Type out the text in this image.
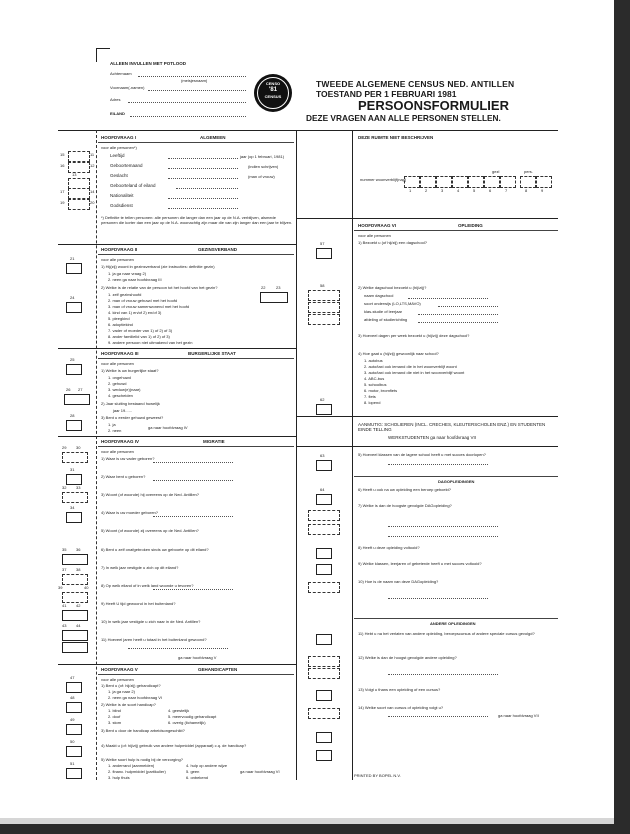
ALLEEN INVULLEN MET POTLOOD
Achternaam
(meisjesnaam)
Voornaam(-namen)
Adres
EILAND
CENSO
'81
CENSUS
TWEEDE ALGEMENE CENSUS NED. ANTILLEN
TOESTAND PER 1 FEBRUARI 1981
PERSOONSFORMULIER
DEZE VRAGEN AAN ALLE PERSONEN STELLEN.
HOOFDVRAAG I	ALGEMEEN
voor alle personen*)
Leeftijd	jaar (op 1 februari, 1981)
Geboortemaand	(indien schrijven)
Geslacht	(man of vrouw)
Geboorteland of eiland
Nationaliteit
Godsdienst
15	11
16	12
13
17	14
19	20
*) Definitie te tellen personen: alle personen die langer dan een jaar op de N.A. verblijven, alsmede personen die korter dan een jaar op de N.A. woonachtig zijn maar die van zijn langer dan een jaar te blijven.
HOOFDVRAAG II	GEZINSVERBAND
voor alle personen
1) Hij(zij) woont in gezinsverband (zie instructies: definitie gezin)
1. ja ga naar vraag 2)
2. neen ga naar hoofdvraag III
2) Welke is de relatie van de persoon tot het hoofd van het gezin?
1. zelf gezinshoofd
2. man of vrouw gehuwd met het hoofd
3. man of vrouw samenwonend met het hoofd
4. kind van 1) en/of 2) en/of 3)
5. pleegkind
6. adoptiekind
7. vader of moeder van 1) of 2) of 3)
8. ander familielid van 1) of 2) of 3)
9. andere persoon niet uitmakend van het gezin
21
22	23
24
HOOFDVRAAG III	BURGERLIJKE STAAT
voor alle personen
1) Welke is uw burgerlijke staat?
1. ongehuwd
2. gehuwd
3. weduw(e)(naar)
4. gescheiden
2) Jaar sluiting bestaand huwelijk
jaar 19......
3) Bent u eerder gehuwd geweest?
1. ja
2. neen
ga naar hoofdvraag IV
25
26 27
28
HOOFDVRAAG IV	MIGRATIE
voor alle personen
1) Waar is uw vader geboren?
2) Waar bent u geboren?
3) Woont (of woonde) hij overeens op de Ned. Antillen?
4) Waar is uw moeder geboren?
5) Woont (of woonde) zij overeens op de Ned. Antillen?
6) Bent u zelf onafgebroken sinds uw geboorte op dit eiland?
7) In welk jaar vestigde u zich op dit eiland?
8) Op welk eiland of in welk land woonde u tevoren?
9) Heeft U tijd gewoond in het buitenland?
10) In welk jaar vestigde u zich naar in de Ned. Antillen?
11) Hoeveel jaren heeft u totaal in het buitenland gewoond?
ga naar hoofdvraag V
29 30
31
32 33
34
35 36
37 38
39	40
41 42
43 44
HOOFDVRAAG V	GEHANDICAPTEN
voor alle personen
1) Bent u (of: hij/zij) gehandicapt?
1. ja ga naar 2)
2. neen ga naar hoofdvraag VI
2) Welke is de soort handicap?
1. blind
2. doof
3. stom
4. geestelijk
5. meervoudig gehandicapt
6. overig (lichamelijk)
3) Bent u door de handicap arbeidsongeschikt?
4) Maakt u (of: hij/zij) gebruik van andere hulpmiddel (apparaat) c.q. de handicap?
5) Welke soort hulp is nodig bij de verzorging?
1. anderrand (aanmelden)
2. financ. hulpmiddel (partikulier)
3. hulp thuis
4. hulp op andere wijze
5. geen
6. onbekend
ga naar hoofdvraag VI
47
48
49
50
51
DEZE RUIMTE NIET BESCHRIJVEN
nummer woonverblijf(nap)
gezl	pers.
1	2	3	4	5	6	7	8	9
HOOFDVRAAG VI	OPLEIDING
voor alle personen
1) Bezoekt u (of hij/zij) een dagschool?
2) Welke dagschool bezoekt u (hij/zij)?
naam dagschool
soort onderwijs (LO,LTS,MAVO)
klas-studie of leerjaar
afdeling of studierichting
3) Hoeveel dagen per week bezoekt u (hij/zij) deze dagschool?
4) Hoe gaat u (hij/zij) gewoonlijk naar school?
1. autobus
2. auto/taxi ook iemand die in het woonverblijf woont
3. auto/taxi ook iemand die niet in het woonverblijf woont
4. ABC-bus
5. schoolbus
6. motor, bromfiets
7. fiets
8. lopend
AANMUTIG: SCHOLIEREN (INCL. CRECHES, KLEUTERSCHOLEN ENZ.) EN STUDENTEN EINDE TELLING
WERKSTUDENTEN ga naar hoofdvraag VII
5) Hoeveel klassen van de lagere school heeft u met succes doorlopen?
DAGOPLEIDINGEN
6) Heeft u ook na uw opleiding een beroep geboekt?
7) Welke is dan de hoogste gevolgde DAGopleiding?
8) Heeft u deze opleiding voltooid?
9) Welke klassen, leerjaren of gebeterde heeft u met succes voltooid?
10) Hoe is de naam van deze DAGopleiding?
ANDERE OPLEIDINGEN
11) Hebt u na het verlaten van andere opleiding, beroepscursus of andere speciale cursus gevolgd?
12) Welke is dan de hoogst gevolgde andere opleiding?
13) Volgt u thans een opleiding of een cursus?
14) Welke soort van cursus of opleiding volgt u?
ga naar hoofdvraag VII
57
58
62
63
64
PRINTED BY BOPEL N.V.
